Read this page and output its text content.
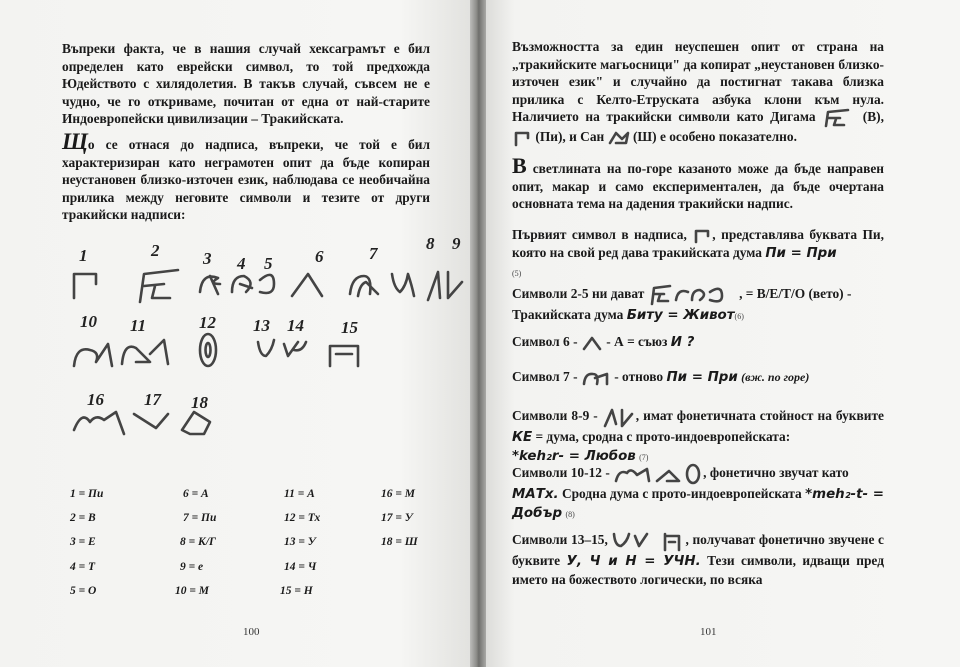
Въпреки факта, че в нашия случай хексаграмът е бил определен като еврейски символ, то той предхожда Юдейството с хилядолетия. В такъв случай, съвсем не е чудно, че го откриваме, почитан от една от най-старите Индоевропейски цивилизации – Тракийската.

Що се отнася до надписа, въпреки, че той е бил характеризиран като неграмотен опит да бъде копиран неустановен близко-източен език, наблюдава се необичайна прилика между неговите символи и тезите от други тракийски надписи:

1	2	3 4 5	6	7
8 9
10 11	12 13 14 15
16 17 18
1 = Пи	6 = А	11 = А	16 = М
2 = В	7 = Пи	12 = Тх	17 = У
3 = Е	8 = К/Г	13 = У	18 = Ш
4 = Т	9 = е	14 = Ч
5 = О	10 = М	15 = Н
100

Възможността за един неуспешен опит от страна на „тракийските магьосници" да копират „неустановен близко-източен език" и случайно да постигнат такава близка прилика с Келто-Етруската азбука клони към нула. Наличието на тракийски символи като Дигама	(В),
(Пи), и Сан (Ш) е особено показателно.

В светлината на по-горе казаното може да бъде направен опит, макар и само експериментален, да бъде очертана основната тема на дадения тракийски надпис.

Първият символ в надписа, , представлява буквата Пи, която на свой ред дава тракийската дума Пи = При
(5)

Символи 2-5 ни дават	, = В/Е/Т/О (вето) -
Тракийската дума Биту = Живот(6)

Символ 6 - - А = съюз И ?

Символ 7 -	- отново Пи = При (вж. по горе)

Символи 8-9 -	, имат фонетичната стойност на буквите КЕ = дума, сродна с прото-индоевропейската:
*keh₂r- = Любов (7)

Символи 10-12 -	, фонетично звучат като
МАТх. Сродна дума с прото-индоевропейската *meh₂-t- = Добър (8)

Символи 13–15,	, получават фонетично звучене с буквите У, Ч и Н = УЧН. Тези символи, идващи пред името на божеството логически, по всяка

101
